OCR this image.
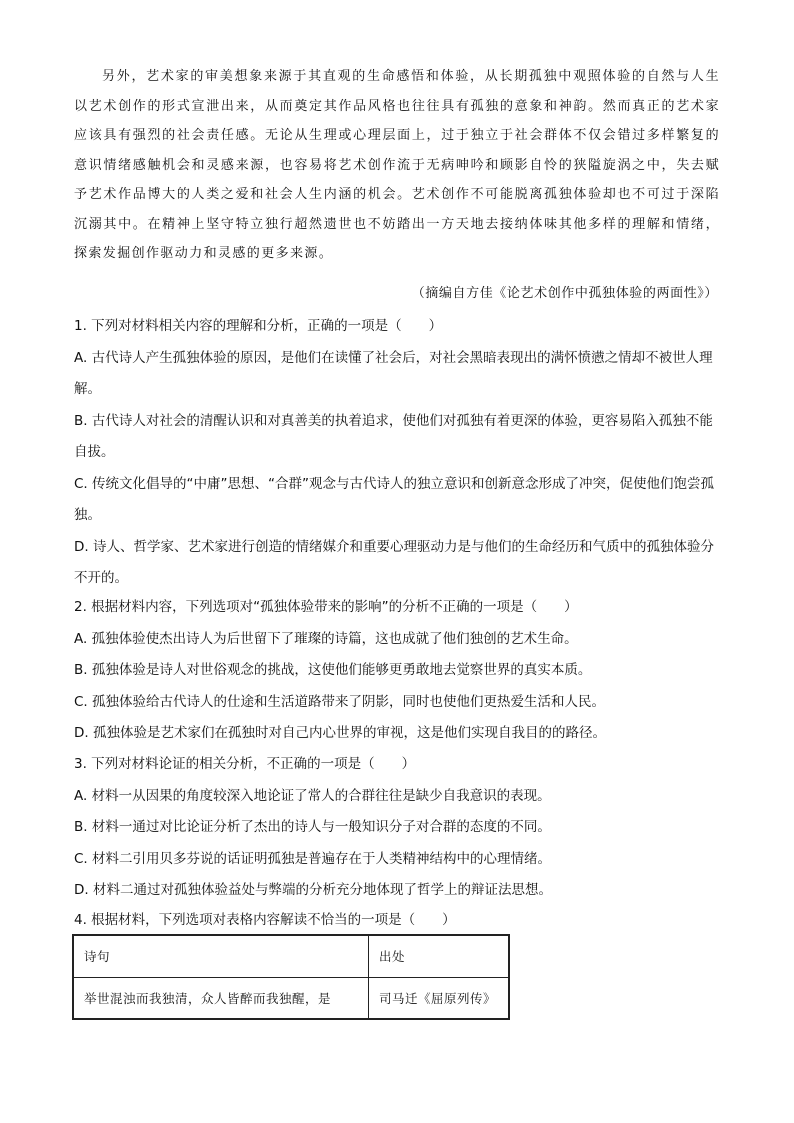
另外，艺术家的审美想象来源于其直观的生命感悟和体验，从长期孤独中观照体验的自然与人生以艺术创作的形式宣泄出来，从而奠定其作品风格也往往具有孤独的意象和神韵。然而真正的艺术家应该具有强烈的社会责任感。无论从生理或心理层面上，过于独立于社会群体不仅会错过多样繁复的意识情绪感触机会和灵感来源，也容易将艺术创作流于无病呻吟和顾影自怜的狭隘旋涡之中，失去赋予艺术作品博大的人类之爱和社会人生内涵的机会。艺术创作不可能脱离孤独体验却也不可过于深陷沉溺其中。在精神上坚守特立独行超然遗世也不妨踏出一方天地去接纳体味其他多样的理解和情绪，探索发掘创作驱动力和灵感的更多来源。

（摘编自方佳《论艺术创作中孤独体验的两面性》）

1. 下列对材料相关内容的理解和分析，正确的一项是（　　）

A. 古代诗人产生孤独体验的原因，是他们在读懂了社会后，对社会黑暗表现出的满怀愤懑之情却不被世人理解。

B. 古代诗人对社会的清醒认识和对真善美的执着追求，使他们对孤独有着更深的体验，更容易陷入孤独不能自拔。

C. 传统文化倡导的“中庸”思想、“合群”观念与古代诗人的独立意识和创新意念形成了冲突，促使他们饱尝孤独。

D. 诗人、哲学家、艺术家进行创造的情绪媒介和重要心理驱动力是与他们的生命经历和气质中的孤独体验分不开的。

2. 根据材料内容，下列选项对“孤独体验带来的影响”的分析不正确的一项是（　　）

A. 孤独体验使杰出诗人为后世留下了璀璨的诗篇，这也成就了他们独创的艺术生命。

B. 孤独体验是诗人对世俗观念的挑战，这使他们能够更勇敢地去觉察世界的真实本质。

C. 孤独体验给古代诗人的仕途和生活道路带来了阴影，同时也使他们更热爱生活和人民。

D. 孤独体验是艺术家们在孤独时对自己内心世界的审视，这是他们实现自我目的的路径。

3. 下列对材料论证的相关分析，不正确的一项是（　　）

A. 材料一从因果的角度较深入地论证了常人的合群往往是缺少自我意识的表现。

B. 材料一通过对比论证分析了杰出的诗人与一般知识分子对合群的态度的不同。

C. 材料二引用贝多芬说的话证明孤独是普遍存在于人类精神结构中的心理情绪。

D. 材料二通过对孤独体验益处与弊端的分析充分地体现了哲学上的辩证法思想。

4. 根据材料，下列选项对表格内容解读不恰当的一项是（　　）

诗句	出处
举世混浊而我独清，众人皆醉而我独醒，是	司马迁《屈原列传》
